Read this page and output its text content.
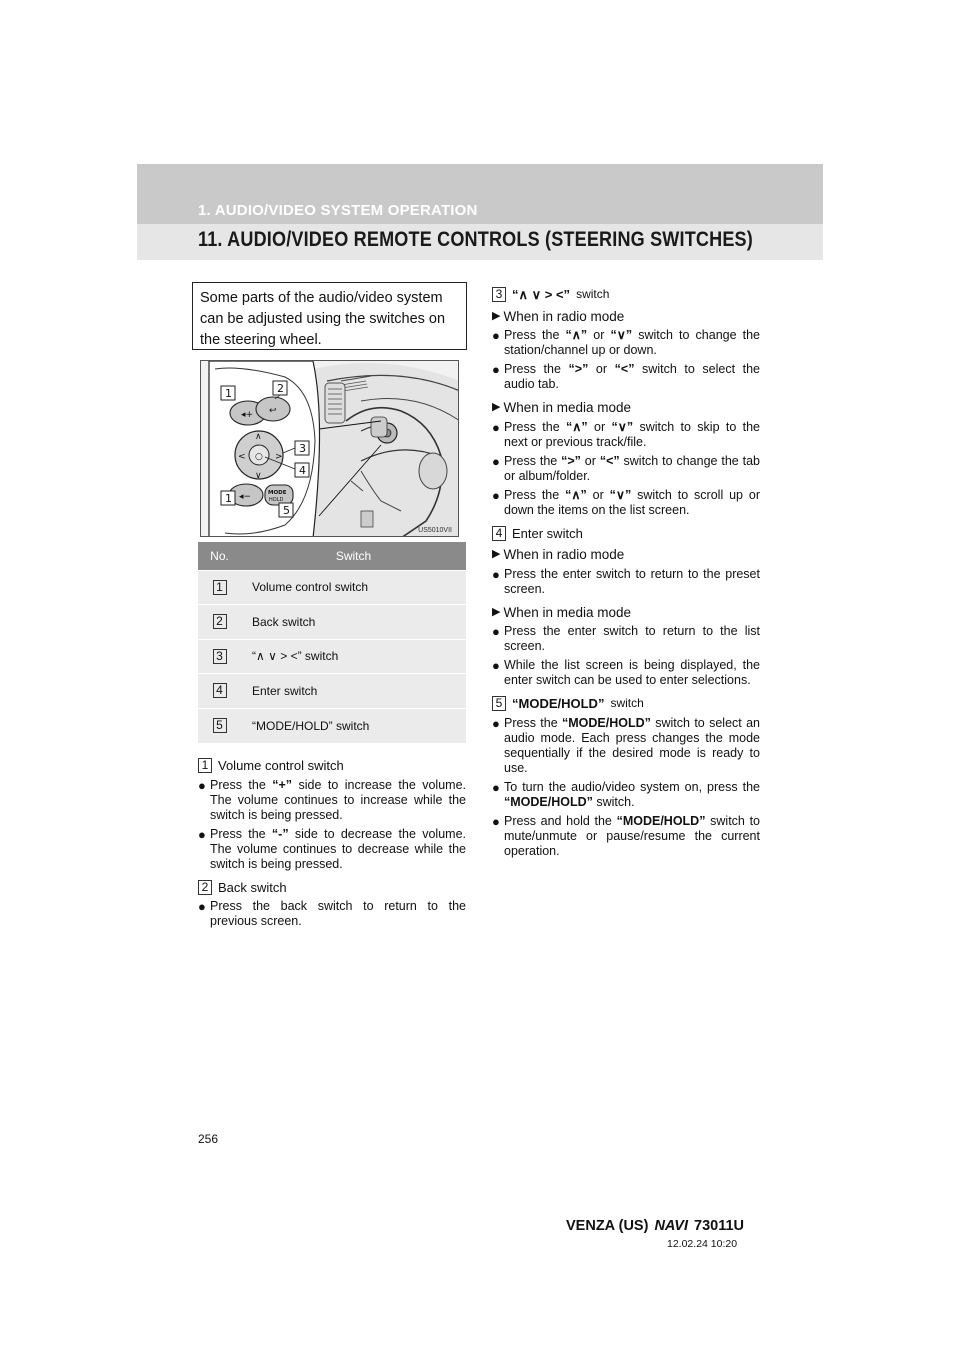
1. AUDIO/VIDEO SYSTEM OPERATION
11. AUDIO/VIDEO REMOTE CONTROLS (STEERING SWITCHES)
Some parts of the audio/video system can be adjusted using the switches on the steering wheel.
◂+ ↩
○
∧
∨
<	>
◂−	MODE
HOLD
1	2
3
4
1
5
US5010VII
No.	Switch
1	Volume control switch
2	Back switch
3	“∧ ∨ > <” switch
4	Enter switch
5	“MODE/HOLD” switch
1 Volume control switch
● Press the “+” side to increase the volume. The volume continues to increase while the switch is being pressed.
● Press the “-” side to decrease the volume. The volume continues to decrease while the switch is being pressed.
2 Back switch
● Press the back switch to return to the previous screen.
3 “∧ ∨ > <” switch
▶ When in radio mode
● Press the “∧” or “∨” switch to change the station/channel up or down.
● Press the “>” or “<” switch to select the audio tab.
▶ When in media mode
● Press the “∧” or “∨” switch to skip to the next or previous track/file.
● Press the “>” or “<” switch to change the tab or album/folder.
● Press the “∧” or “∨” switch to scroll up or down the items on the list screen.
4 Enter switch
▶ When in radio mode
● Press the enter switch to return to the preset screen.
▶ When in media mode
● Press the enter switch to return to the list screen.
● While the list screen is being displayed, the enter switch can be used to enter selections.
5 “MODE/HOLD” switch
● Press the “MODE/HOLD” switch to select an audio mode. Each press changes the mode sequentially if the desired mode is ready to use.
● To turn the audio/video system on, press the “MODE/HOLD” switch.
● Press and hold the “MODE/HOLD” switch to mute/unmute or pause/resume the current operation.
256
VENZA (US) NAVI 73011U
12.02.24 10:20
